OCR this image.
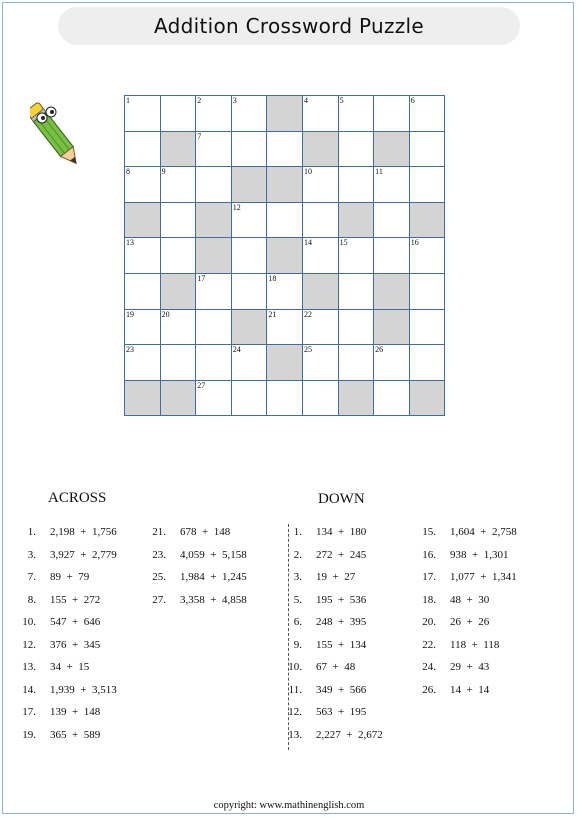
Addition Crossword Puzzle
1		2	3		4	5		6

		7						

8	9				10		11	

			12					

13					14	15		16

		17		18				

19	20			21	22			

23			24		25		26	

		27						

ACROSS	DOWN
1. 2,198  +  1,756
3. 3,927  +  2,779
7. 89  +  79
8. 155  +  272
10. 547  +  646
12. 376  +  345
13. 34  +  15
14. 1,939  +  3,513
17. 139  +  148
19. 365  +  589
21. 678  +  148
23. 4,059  +  5,158
25. 1,984  +  1,245
27. 3,358  +  4,858
1. 134  +  180
2. 272  +  245
3. 19  +  27
5. 195  +  536
6. 248  +  395
9. 155  +  134
10. 67  +  48
11. 349  +  566
12. 563  +  195
13. 2,227  +  2,672
15. 1,604  +  2,758
16. 938  +  1,301
17. 1,077  +  1,341
18. 48  +  30
20. 26  +  26
22. 118  +  118
24. 29  +  43
26. 14  +  14
copyright: www.mathinenglish.com
